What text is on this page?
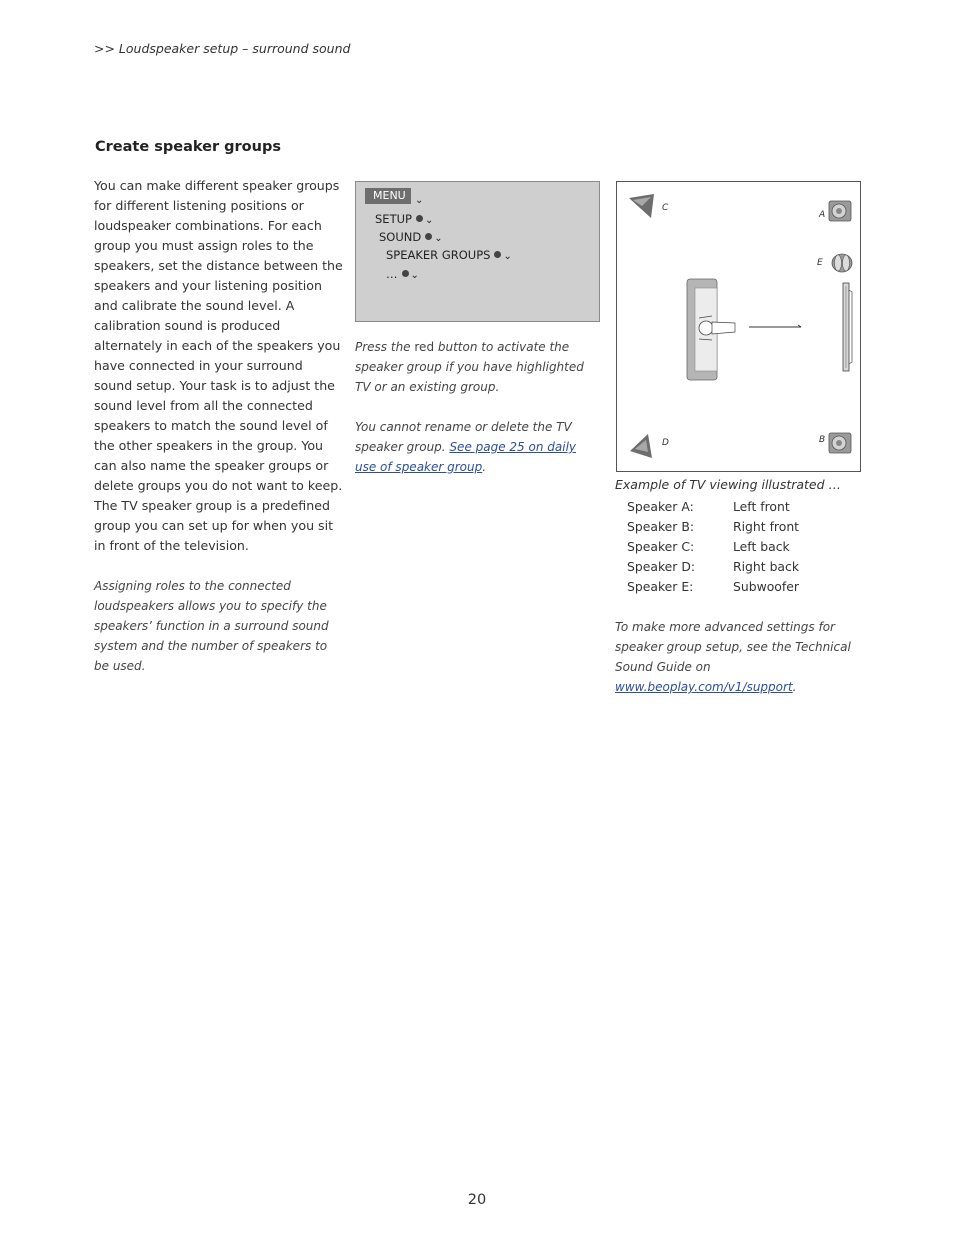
>> Loudspeaker setup – surround sound
Create speaker groups

You can make different speaker groups for different listening positions or loudspeaker combinations. For each group you must assign roles to the speakers, set the distance between the speakers and your listening position and calibrate the sound level. A calibration sound is produced alternately in each of the speakers you have connected in your surround sound setup. Your task is to adjust the sound level from all the connected speakers to match the sound level of the other speakers in the group. You can also name the speaker groups or delete groups you do not want to keep. The TV speaker group is a predefined group you can set up for when you sit in front of the television.

Assigning roles to the connected loudspeakers allows you to specify the speakers’ function in a surround sound system and the number of speakers to be used.

MENU ⌄
SETUP ⌄
SOUND ⌄
SPEAKER GROUPS ⌄
… ⌄

Press the red button to activate the speaker group if you have highlighted TV or an existing group.

You cannot rename or delete the TV speaker group. See page 25 on daily use of speaker group.

C
A
E
D	B
Example of TV viewing illustrated …
Speaker A:	Left front
Speaker B:	Right front
Speaker C:	Left back
Speaker D:	Right back
Speaker E:	Subwoofer

To make more advanced settings for speaker group setup, see the Technical Sound Guide on www.beoplay.com/v1/support.

20
